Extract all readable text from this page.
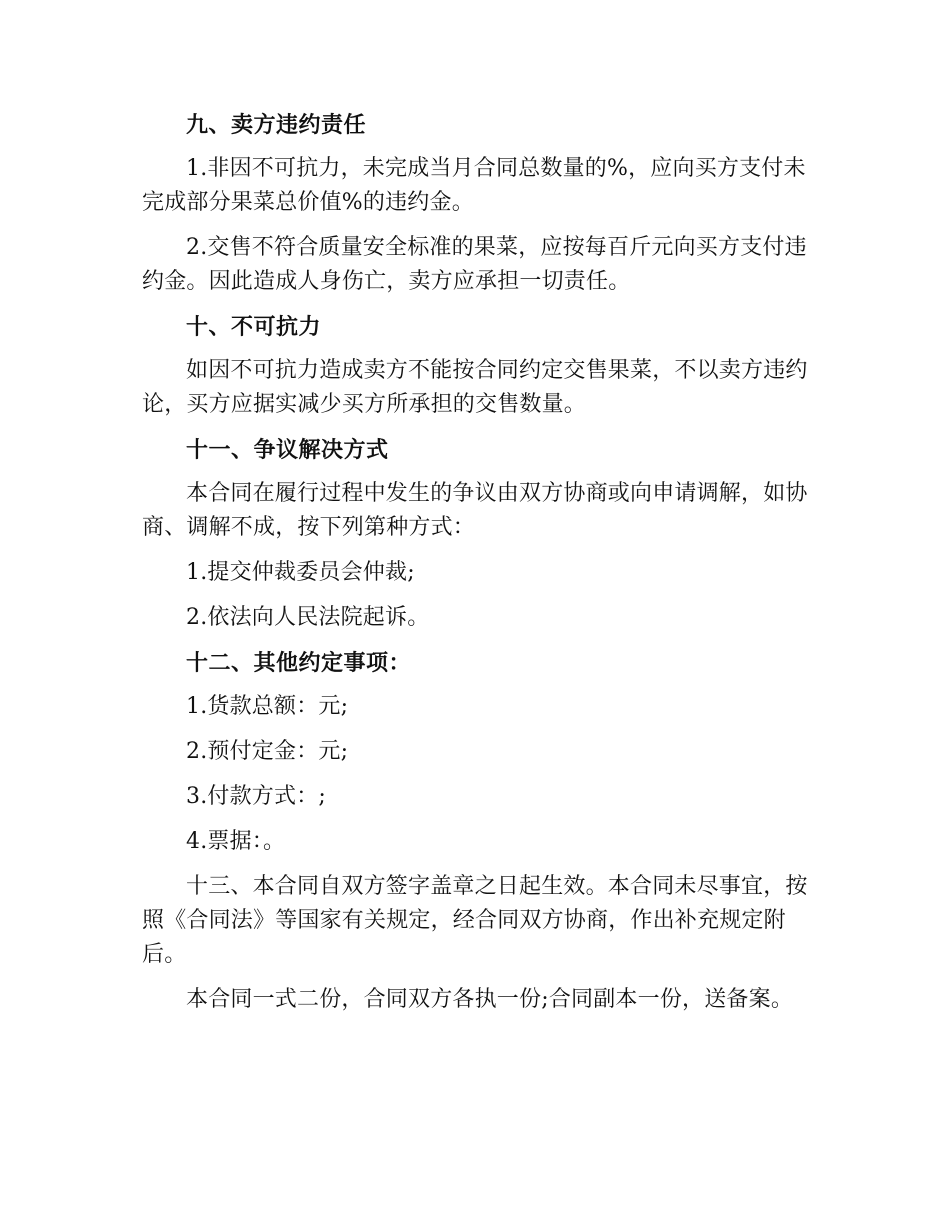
九、卖方违约责任
1.非因不可抗力，未完成当月合同总数量的%，应向买方支付未完成部分果菜总价值%的违约金。
2.交售不符合质量安全标准的果菜，应按每百斤元向买方支付违约金。因此造成人身伤亡，卖方应承担一切责任。
十、不可抗力
如因不可抗力造成卖方不能按合同约定交售果菜，不以卖方违约论，买方应据实减少买方所承担的交售数量。
十一、争议解决方式
本合同在履行过程中发生的争议由双方协商或向申请调解，如协商、调解不成，按下列第种方式：
1.提交仲裁委员会仲裁;
2.依法向人民法院起诉。
十二、其他约定事项：
1.货款总额：元;
2.预付定金：元;
3.付款方式：;
4.票据：。
十三、本合同自双方签字盖章之日起生效。本合同未尽事宜，按照《合同法》等国家有关规定，经合同双方协商，作出补充规定附后。
本合同一式二份，合同双方各执一份;合同副本一份，送备案。
